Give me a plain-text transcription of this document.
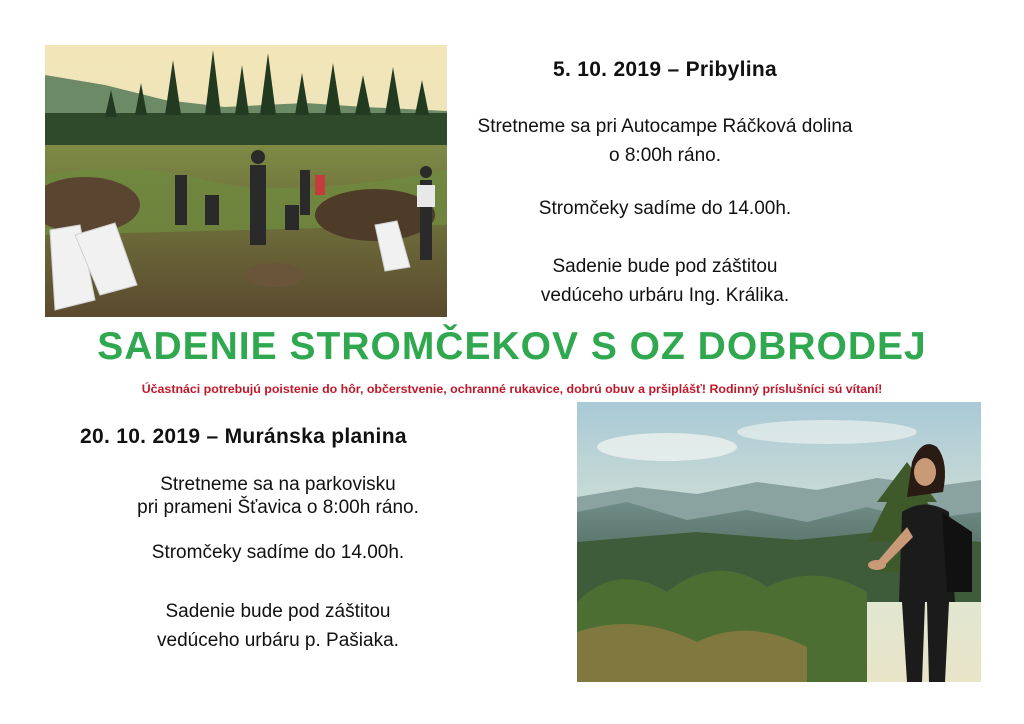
5. 10. 2019 – Pribylina

Stretneme sa pri Autocampe Ráčková dolina
o 8:00h ráno.

Stromčeky sadíme do 14.00h.

Sadenie bude pod záštitou
vedúceho urbáru Ing. Králika.

SADENIE STROMČEKOV S OZ DOBRODEJ
Účastnáci potrebujú poistenie do hôr, občerstvenie, ochranné rukavice, dobrú obuv a pršiplášť! Rodinný príslušníci sú vítaní!

20. 10. 2019 – Muránska planina

Stretneme sa na parkovisku
pri prameni Šťavica o 8:00h ráno.
Stromčeky sadíme do 14.00h.
Sadenie bude pod záštitou
vedúceho urbáru p. Pašiaka.
